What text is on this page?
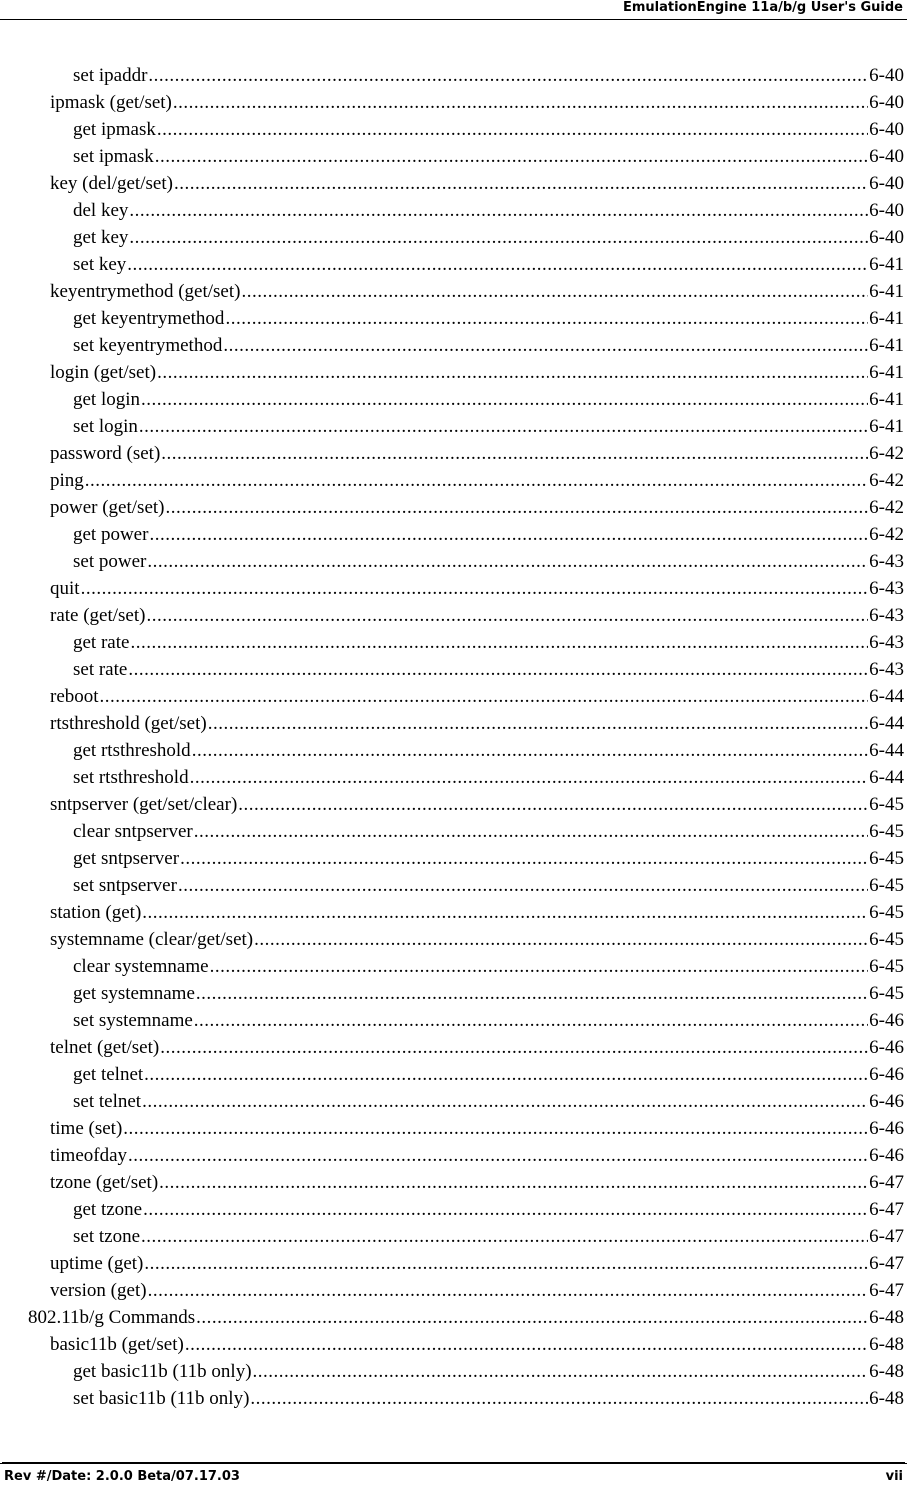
EmulationEngine 11a/b/g User's Guide
set ipaddr .....	6-40
ipmask (get/set) .....	6-40
get ipmask .....	6-40
set ipmask .....	6-40
key (del/get/set) .....	6-40
del key .....	6-40
get key .....	6-40
set key .....	6-41
keyentrymethod (get/set) .....	6-41
get keyentrymethod .....	6-41
set keyentrymethod .....	6-41
login (get/set) .....	6-41
get login .....	6-41
set login .....	6-41
password (set) .....	6-42
ping .....	6-42
power (get/set) .....	6-42
get power .....	6-42
set power .....	6-43
quit .....	6-43
rate (get/set) .....	6-43
get rate .....	6-43
set rate .....	6-43
reboot .....	6-44
rtsthreshold (get/set) .....	6-44
get rtsthreshold .....	6-44
set rtsthreshold .....	6-44
sntpserver (get/set/clear) .....	6-45
clear sntpserver .....	6-45
get sntpserver .....	6-45
set sntpserver .....	6-45
station (get) .....	6-45
systemname (clear/get/set) .....	6-45
clear systemname .....	6-45
get systemname .....	6-45
set systemname .....	6-46
telnet (get/set) .....	6-46
get telnet .....	6-46
set telnet .....	6-46
time (set) .....	6-46
timeofday .....	6-46
tzone (get/set) .....	6-47
get tzone .....	6-47
set tzone .....	6-47
uptime (get) .....	6-47
version (get) .....	6-47
802.11b/g Commands .....	6-48
basic11b (get/set) .....	6-48
get basic11b (11b only) .....	6-48
set basic11b (11b only) .....	6-48
Rev #/Date: 2.0.0 Beta/07.17.03	vii
